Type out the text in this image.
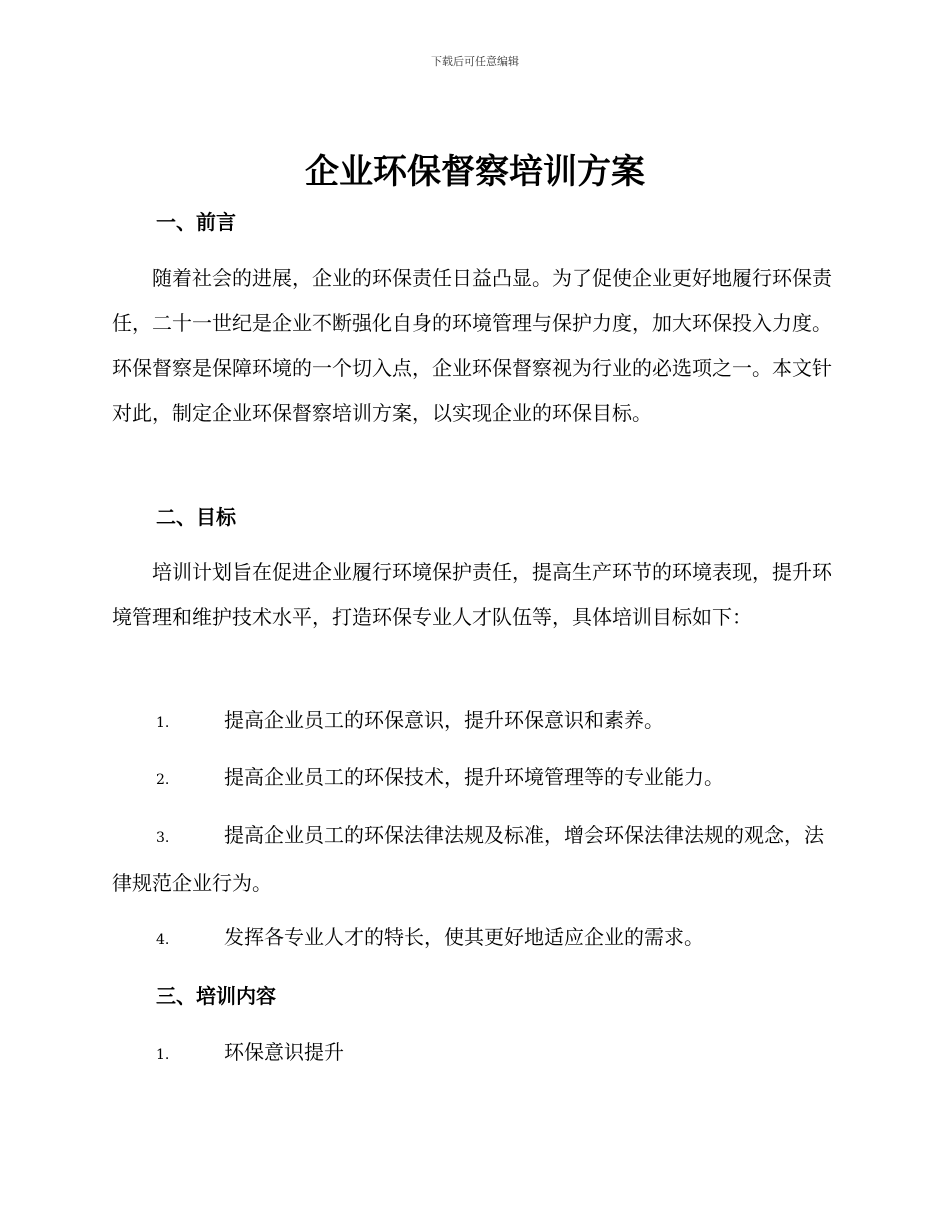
下载后可任意编辑
企业环保督察培训方案
一、前言
随着社会的进展，企业的环保责任日益凸显。为了促使企业更好地履行环保责任，二十一世纪是企业不断强化自身的环境管理与保护力度，加大环保投入力度。环保督察是保障环境的一个切入点，企业环保督察视为行业的必选项之一。本文针对此，制定企业环保督察培训方案，以实现企业的环保目标。
二、目标
培训计划旨在促进企业履行环境保护责任，提高生产环节的环境表现，提升环境管理和维护技术水平，打造环保专业人才队伍等，具体培训目标如下：
1.	提高企业员工的环保意识，提升环保意识和素养。
2.	提高企业员工的环保技术，提升环境管理等的专业能力。
3.	提高企业员工的环保法律法规及标准，增会环保法律法规的观念，法律规范企业行为。
4.	发挥各专业人才的特长，使其更好地适应企业的需求。
三、培训内容
1.	环保意识提升
